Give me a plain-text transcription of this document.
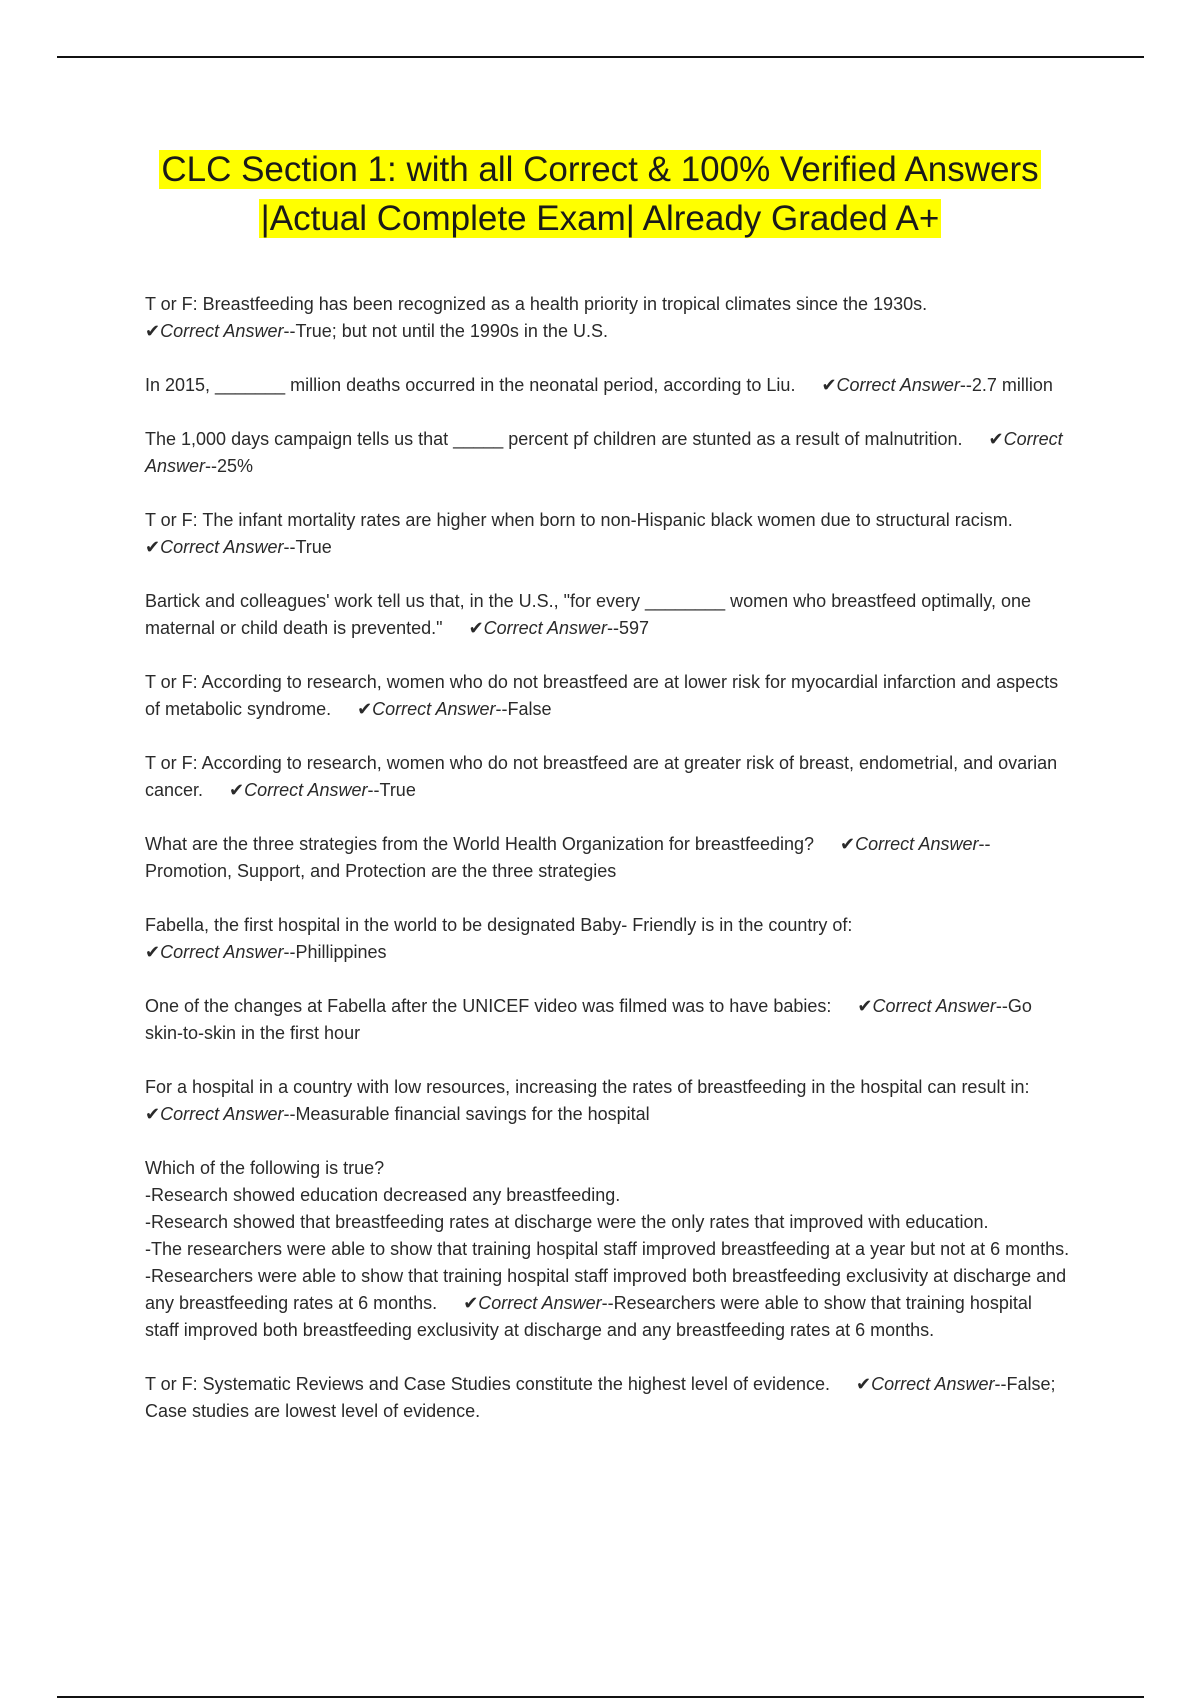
CLC Section 1: with all Correct & 100% Verified Answers
|Actual Complete Exam| Already Graded A+
T or F: Breastfeeding has been recognized as a health priority in tropical climates since the 1930s.
✔Correct Answer--True; but not until the 1990s in the U.S.
In 2015, _______ million deaths occurred in the neonatal period, according to Liu. ✔Correct Answer--2.7 million
The 1,000 days campaign tells us that _____ percent pf children are stunted as a result of malnutrition. ✔Correct Answer--25%
T or F: The infant mortality rates are higher when born to non-Hispanic black women due to structural racism.✔Correct Answer--True
Bartick and colleagues' work tell us that, in the U.S., "for every ________ women who breastfeed optimally, one maternal or child death is prevented." ✔Correct Answer--597
T or F: According to research, women who do not breastfeed are at lower risk for myocardial infarction and aspects of metabolic syndrome. ✔Correct Answer--False
T or F: According to research, women who do not breastfeed are at greater risk of breast, endometrial, and ovarian cancer. ✔Correct Answer--True
What are the three strategies from the World Health Organization for breastfeeding? ✔Correct Answer--Promotion, Support, and Protection are the three strategies
Fabella, the first hospital in the world to be designated Baby- Friendly is in the country of:
✔Correct Answer--Phillippines
One of the changes at Fabella after the UNICEF video was filmed was to have babies: ✔Correct Answer--Go skin-to-skin in the first hour
For a hospital in a country with low resources, increasing the rates of breastfeeding in the hospital can result in:✔Correct Answer--Measurable financial savings for the hospital
Which of the following is true?
-Research showed education decreased any breastfeeding.
-Research showed that breastfeeding rates at discharge were the only rates that improved with education.
-The researchers were able to show that training hospital staff improved breastfeeding at a year but not at 6 months.
-Researchers were able to show that training hospital staff improved both breastfeeding exclusivity at discharge and any breastfeeding rates at 6 months. ✔Correct Answer--Researchers were able to show that training hospital staff improved both breastfeeding exclusivity at discharge and any breastfeeding rates at 6 months.
T or F: Systematic Reviews and Case Studies constitute the highest level of evidence. ✔Correct Answer--False; Case studies are lowest level of evidence.
